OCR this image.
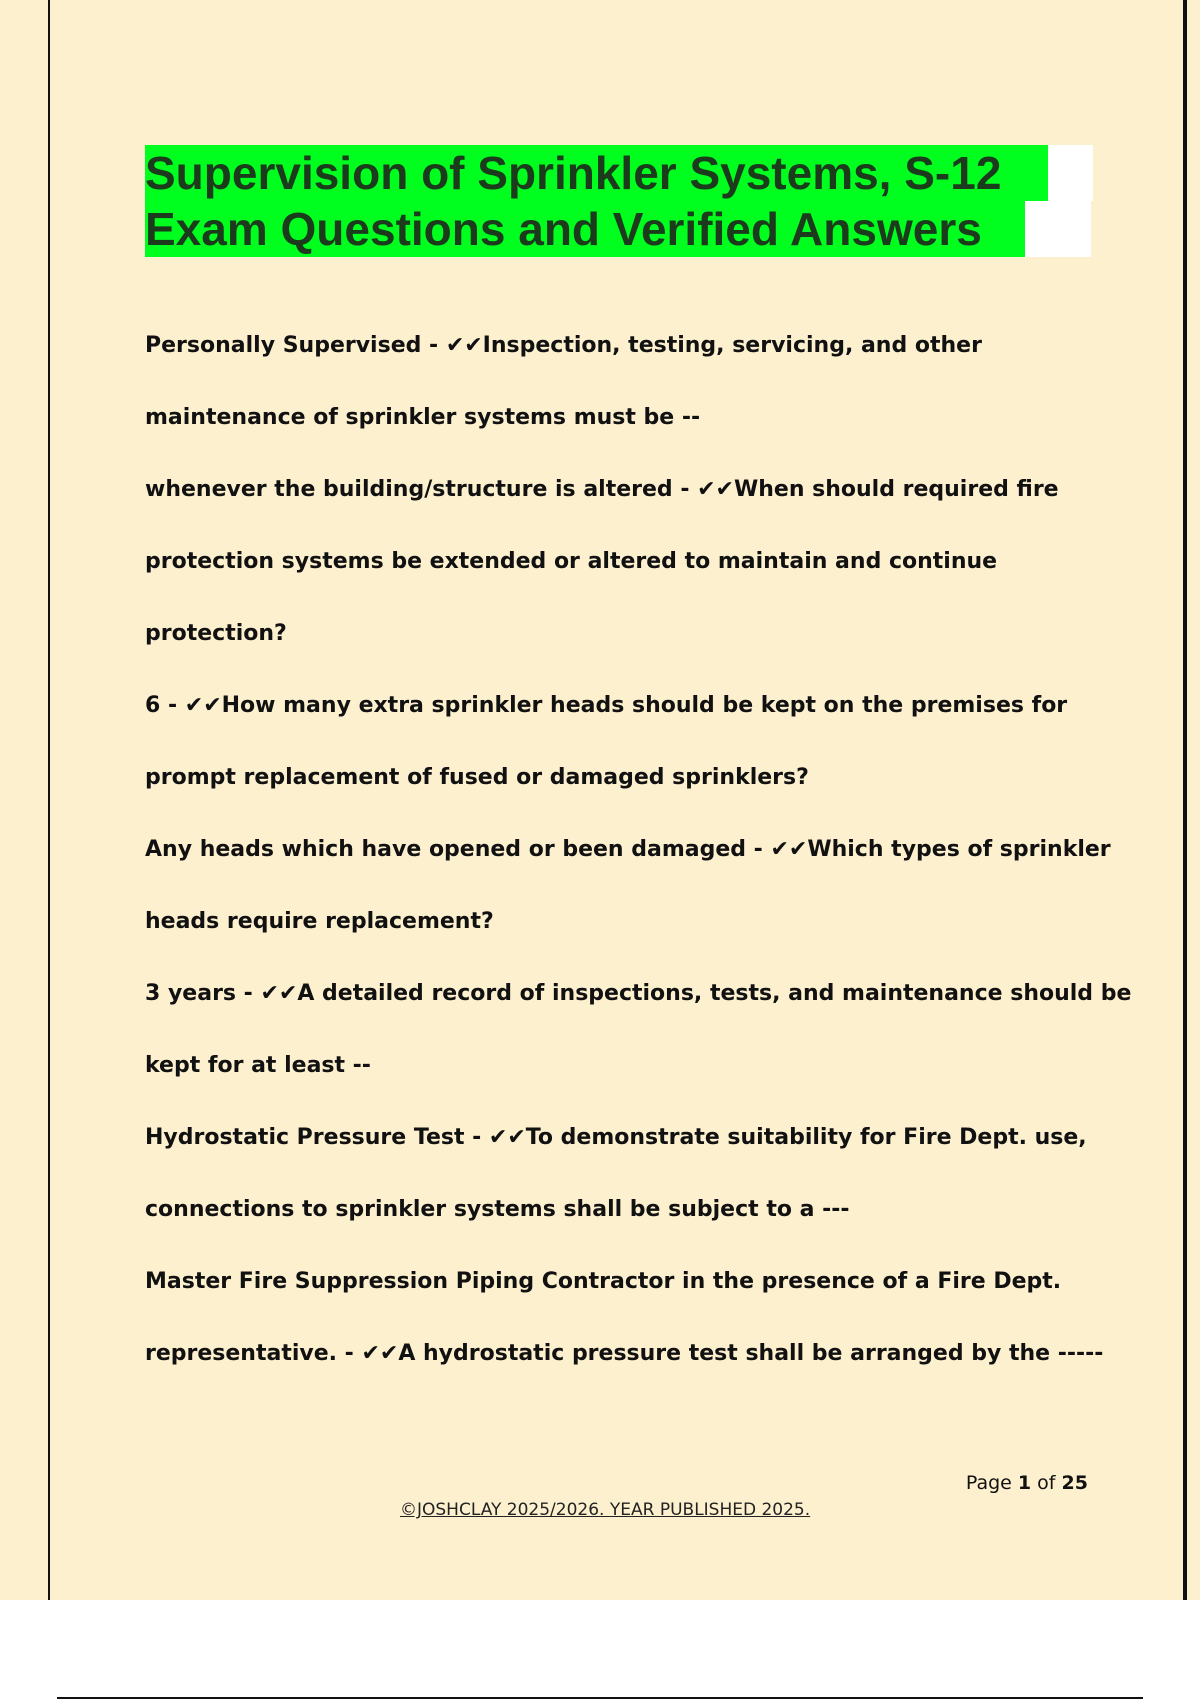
Supervision of Sprinkler Systems, S-12
Exam Questions and Verified Answers
Personally Supervised - ✔✔Inspection, testing, servicing, and other
maintenance of sprinkler systems must be --
whenever the building/structure is altered - ✔✔When should required fire
protection systems be extended or altered to maintain and continue
protection?
6 - ✔✔How many extra sprinkler heads should be kept on the premises for
prompt replacement of fused or damaged sprinklers?
Any heads which have opened or been damaged - ✔✔Which types of sprinkler
heads require replacement?
3 years - ✔✔A detailed record of inspections, tests, and maintenance should be
kept for at least --
Hydrostatic Pressure Test - ✔✔To demonstrate suitability for Fire Dept. use,
connections to sprinkler systems shall be subject to a ---
Master Fire Suppression Piping Contractor in the presence of a Fire Dept.
representative. - ✔✔A hydrostatic pressure test shall be arranged by the -----
Page 1 of 25
©JOSHCLAY 2025/2026. YEAR PUBLISHED 2025.
